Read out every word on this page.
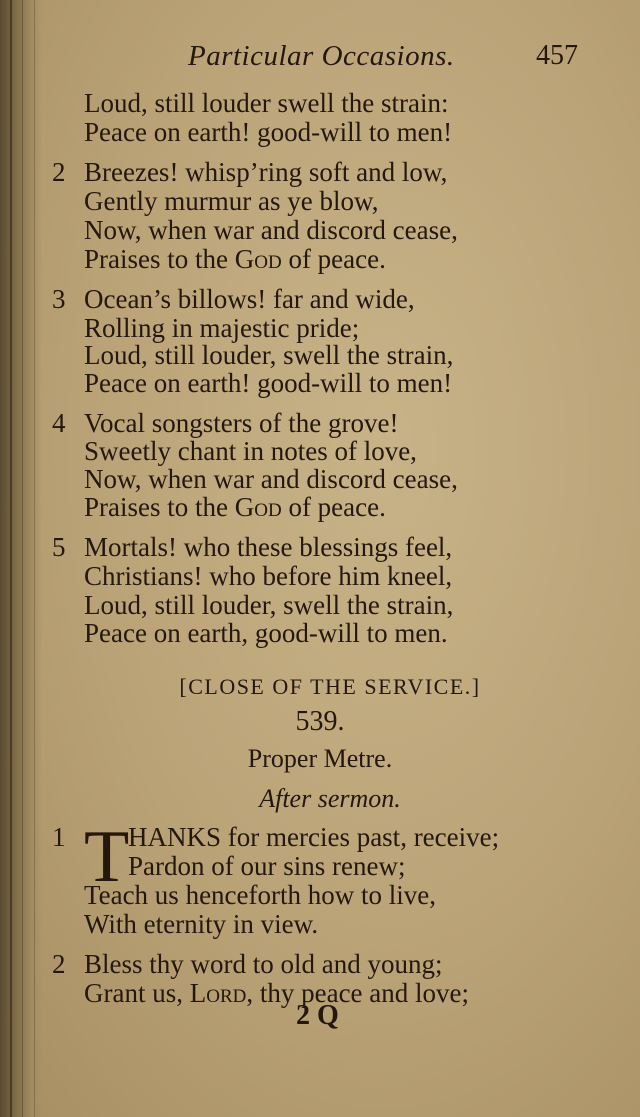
Particular Occasions.	457
Loud, still louder swell the strain:
Peace on earth! good-will to men!
2 Breezes! whisp’ring soft and low,
Gently murmur as ye blow,
Now, when war and discord cease,
Praises to the God of peace.
3 Ocean’s billows! far and wide,
Rolling in majestic pride;
Loud, still louder, swell the strain,
Peace on earth! good-will to men!
4 Vocal songsters of the grove!
Sweetly chant in notes of love,
Now, when war and discord cease,
Praises to the God of peace.
5 Mortals! who these blessings feel,
Christians! who before him kneel,
Loud, still louder, swell the strain,
Peace on earth, good-will to men.
[CLOSE OF THE SERVICE.]
539.
Proper Metre.
After sermon.
1 T
HANKS for mercies past, receive;
Pardon of our sins renew;
Teach us henceforth how to live,
With eternity in view.
2 Bless thy word to old and young;
Grant us, Lord, thy peace and love;
2 Q
